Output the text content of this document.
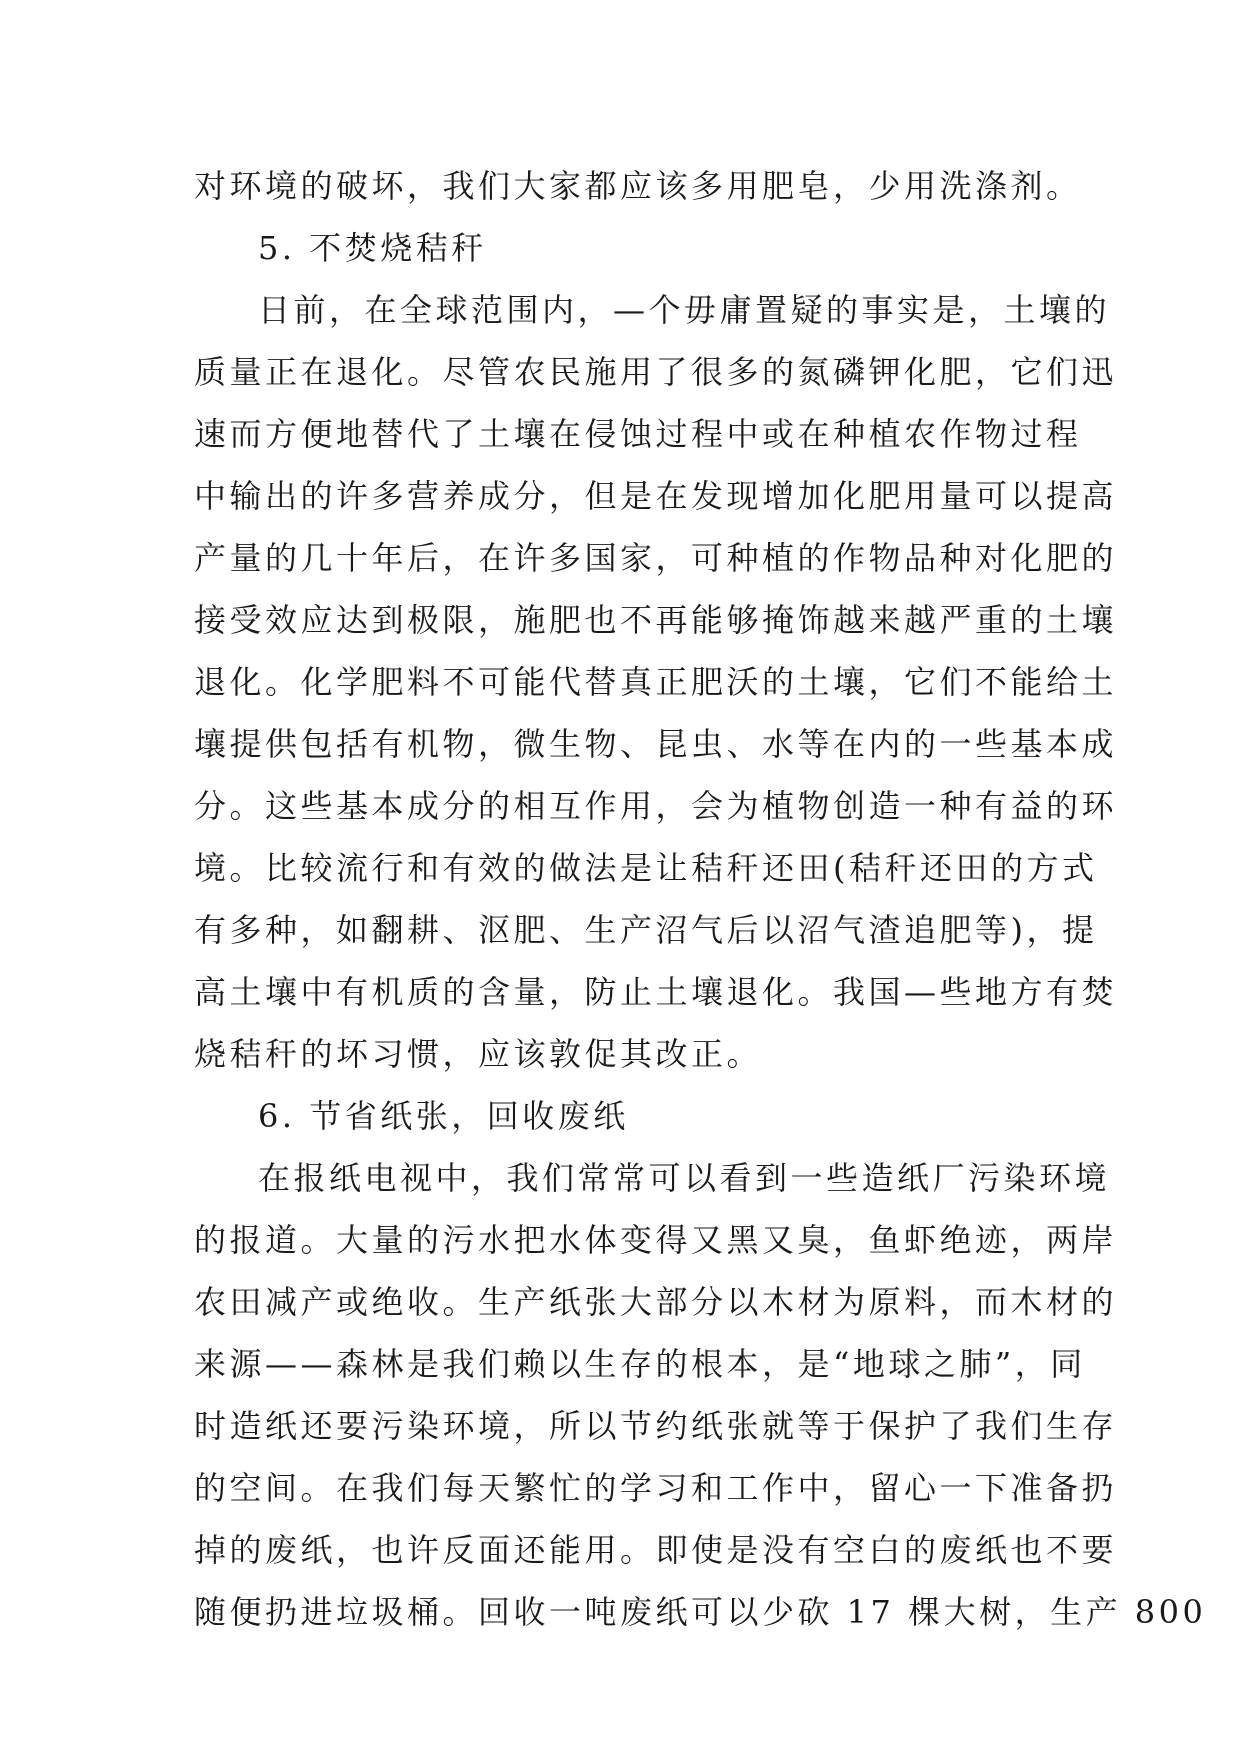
对环境的破坏，我们大家都应该多用肥皂，少用洗涤剂。
5. 不焚烧秸秆
日前，在全球范围内，—个毋庸置疑的事实是，土壤的
质量正在退化。尽管农民施用了很多的氮磷钾化肥，它们迅
速而方便地替代了土壤在侵蚀过程中或在种植农作物过程
中输出的许多营养成分，但是在发现增加化肥用量可以提高
产量的几十年后，在许多国家，可种植的作物品种对化肥的
接受效应达到极限，施肥也不再能够掩饰越来越严重的土壤
退化。化学肥料不可能代替真正肥沃的土壤，它们不能给土
壤提供包括有机物，微生物、昆虫、水等在内的一些基本成
分。这些基本成分的相互作用，会为植物创造一种有益的环
境。比较流行和有效的做法是让秸秆还田(秸秆还田的方式
有多种，如翻耕、沤肥、生产沼气后以沼气渣追肥等)，提
高土壤中有机质的含量，防止土壤退化。我国—些地方有焚
烧秸秆的坏习惯，应该敦促其改正。
6. 节省纸张，回收废纸
在报纸电视中，我们常常可以看到一些造纸厂污染环境
的报道。大量的污水把水体变得又黑又臭，鱼虾绝迹，两岸
农田减产或绝收。生产纸张大部分以木材为原料，而木材的
来源——森林是我们赖以生存的根本，是“地球之肺”，同
时造纸还要污染环境，所以节约纸张就等于保护了我们生存
的空间。在我们每天繁忙的学习和工作中，留心一下准备扔
掉的废纸，也许反面还能用。即使是没有空白的废纸也不要
随便扔进垃圾桶。回收一吨废纸可以少砍 17 棵大树，生产 800
